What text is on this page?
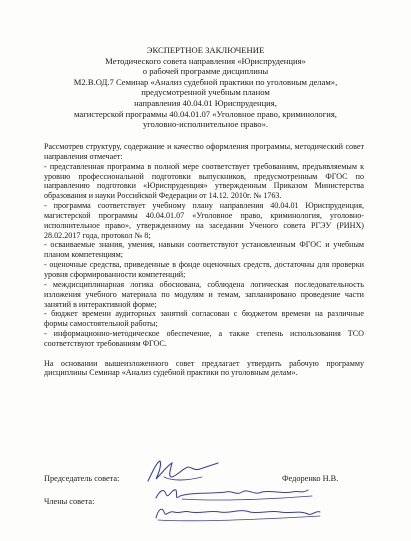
ЭКСПЕРТНОЕ ЗАКЛЮЧЕНИЕ
Методического совета направления «Юриспруденция»
о рабочей программе дисциплины
М2.В.ОД.7 Семинар «Анализ судебной практики по уголовным делам»,
предусмотренной учебным планом
направления 40.04.01 Юриспруденция,
магистерской программы 40.04.01.07 «Уголовное право, криминология,
уголовно-исполнительное право».

Рассмотрев структуру, содержание и качество оформления программы, методический совет направления отмечает:

- представленная программа в полной мере соответствует требованиям, предъявляемым к уровню профессиональной подготовки выпускников, предусмотренным ФГОС по направлению подготовки «Юриспруденция» утвержденным Приказом Министерства образования и науки Российской Федерации от 14.12. 2010г. № 1763.

- программа соответствует учебному плану направления 40.04.01 Юриспруденция, магистерской программы 40.04.01.07 «Уголовное право, криминология, уголовно-исполнительное право», утвержденному на заседании Ученого совета РГЭУ (РИНХ) 28.02.2017 года, протокол № 8;

- осваиваемые знания, умения, навыки соответствуют установленным ФГОС и учебным планом компетенциям;

- оценочные средства, приведенные в фонде оценочных средств, достаточны для проверки уровня сформированности компетенций;

- междисциплинарная логика обоснована, соблюдена логическая последовательность изложения учебного материала по модулям и темам, запланировано проведение части занятий в интерактивной форме;

- бюджет времени аудиторных занятий согласован с бюджетом времени на различные формы самостоятельной работы;

- информационно-методическое обеспечение, а также степень использования ТСО соответствуют требованиям ФГОС.

На основании вышеизложенного совет предлагает утвердить рабочую программу дисциплины Семинар «Анализ судебной практики по уголовным делам».

Председатель совета:	Федоренко Н.В.
Члены совета:
